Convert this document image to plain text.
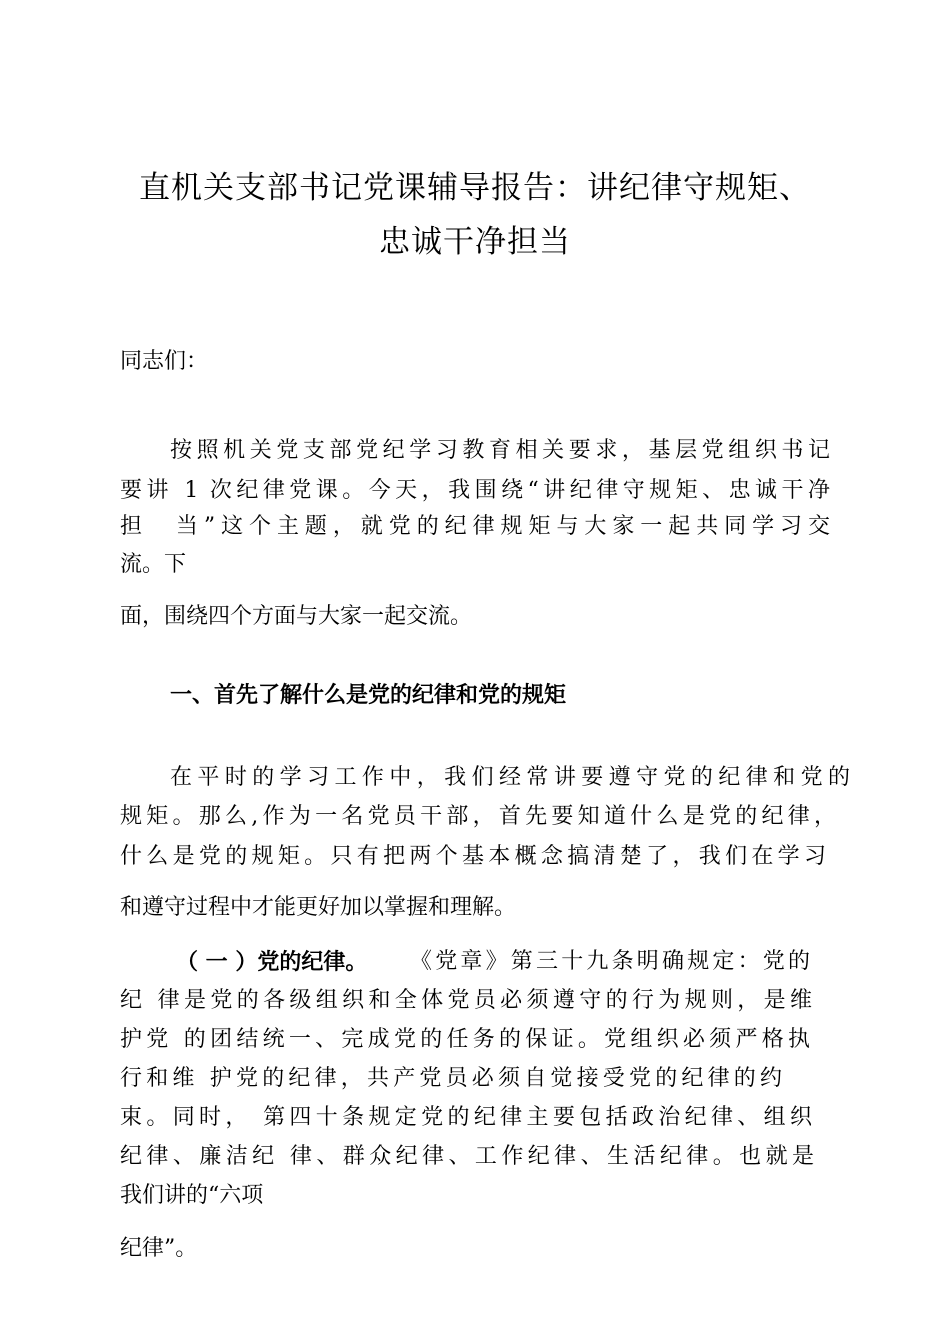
直机关支部书记党课辅导报告：讲纪律守规矩、
忠诚干净担当
同志们：
按照机关党支部党纪学习教育相关要求，基层党组织书记
要讲 1 次纪律党课。今天，我围绕“讲纪律守规矩、忠诚干净
担　当”这个主题，就党的纪律规矩与大家一起共同学习交
流。下
面，围绕四个方面与大家一起交流。
一、首先了解什么是党的纪律和党的规矩
在平时的学习工作中，我们经常讲要遵守党的纪律和党的
规矩。那么,作为一名党员干部，首先要知道什么是党的纪律，
什么是党的规矩。只有把两个基本概念搞清楚了，我们在学习
和遵守过程中才能更好加以掌握和理解。
（ 一 ）党的纪律。 《党章》第三十九条明确规定：党的
纪 律是党的各级组织和全体党员必须遵守的行为规则，是维
护党 的团结统一、完成党的任务的保证。党组织必须严格执
行和维 护党的纪律，共产党员必须自觉接受党的纪律的约
束。同时， 第四十条规定党的纪律主要包括政治纪律、组织
纪律、廉洁纪 律、群众纪律、工作纪律、生活纪律。也就是
我们讲的“六项
纪律”。
